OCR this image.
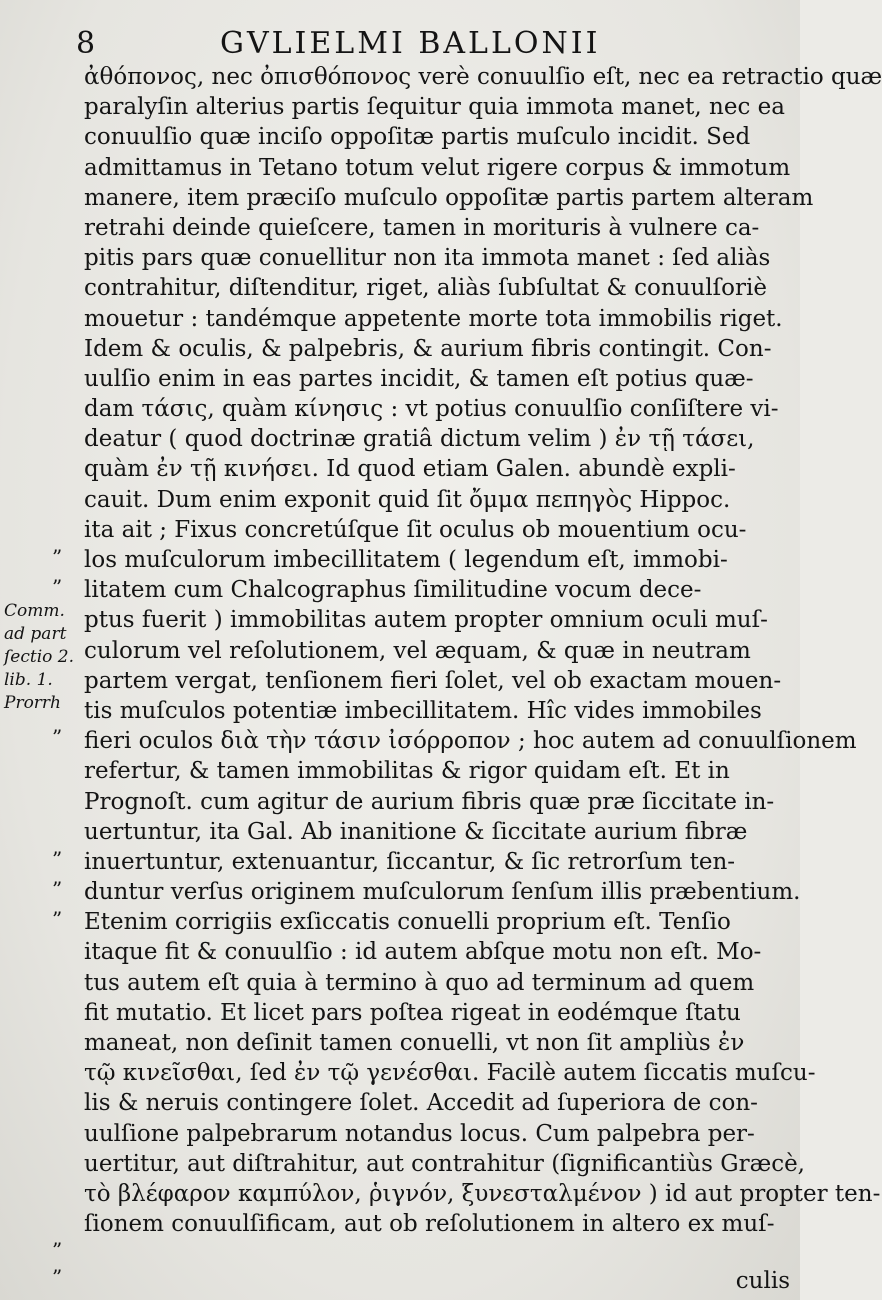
8	GVLIELMI BALLONII
”
”
”
”
”
”
”
”
Comm.
ad part
ſectio 2.
lib. 1.
Prorrh
ἀθόπονος, nec ὀπισθόπονος verè conuulſio eſt, nec ea retractio quæ
paralyſin alterius partis ſequitur quia immota manet, nec ea
conuulſio quæ inciſo oppoſitæ partis muſculo incidit. Sed
admittamus in Tetano totum velut rigere corpus & immotum
manere, item præciſo muſculo oppoſitæ partis partem alteram
retrahi deinde quieſcere, tamen in morituris à vulnere ca-
pitis pars quæ conuellitur non ita immota manet : ſed aliàs
contrahitur, diſtenditur, riget, aliàs ſubſultat & conuulſoriè
mouetur : tandémque appetente morte tota immobilis riget.
Idem & oculis, & palpebris, & aurium fibris contingit. Con-
uulſio enim in eas partes incidit, & tamen eſt potius quæ-
dam τάσις, quàm κίνησις : vt potius conuulſio conſiſtere vi-
deatur ( quod doctrinæ gratiâ dictum velim ) ἐν τῇ τάσει,
quàm ἐν τῇ κινήσει. Id quod etiam Galen. abundè expli-
cauit. Dum enim exponit quid ſit ὄμμα πεπηγὸς Hippoc.
ita ait ; Fixus concretúſque ſit oculus ob mouentium ocu-
los muſculorum imbecillitatem ( legendum eſt, immobi-
litatem cum Chalcographus ſimilitudine vocum dece-
ptus fuerit ) immobilitas autem propter omnium oculi muſ-
culorum vel reſolutionem, vel æquam, & quæ in neutram
partem vergat, tenſionem fieri ſolet, vel ob exactam mouen-
tis muſculos potentiæ imbecillitatem. Hîc vides immobiles
fieri oculos διὰ τὴν τάσιν ἰσόρροπον ; hoc autem ad conuulſionem
refertur, & tamen immobilitas & rigor quidam eſt. Et in
Prognoſt. cum agitur de aurium fibris quæ præ ſiccitate in-
uertuntur, ita Gal. Ab inanitione & ſiccitate aurium fibræ
inuertuntur, extenuantur, ſiccantur, & ſic retrorſum ten-
duntur verſus originem muſculorum ſenſum illis præbentium.
Etenim corrigiis exſiccatis conuelli proprium eſt. Tenſio
itaque fit & conuulſio : id autem abſque motu non eſt. Mo-
tus autem eſt quia à termino à quo ad terminum ad quem
fit mutatio. Et licet pars poſtea rigeat in eodémque ſtatu
maneat, non deſinit tamen conuelli, vt non ſit ampliùs ἐν
τῷ κινεῖσθαι, ſed ἐν τῷ γενέσθαι. Facilè autem ſiccatis muſcu-
lis & neruis contingere ſolet. Accedit ad ſuperiora de con-
uulſione palpebrarum notandus locus. Cum palpebra per-
uertitur, aut diſtrahitur, aut contrahitur (ſignificantiùs Græcè,
τὸ βλέφαρον καμπύλον, ῥιγνόν, ξυνεσταλμένον ) id aut propter ten-
ſionem conuulſificam, aut ob reſolutionem in altero ex muſ-
culis
